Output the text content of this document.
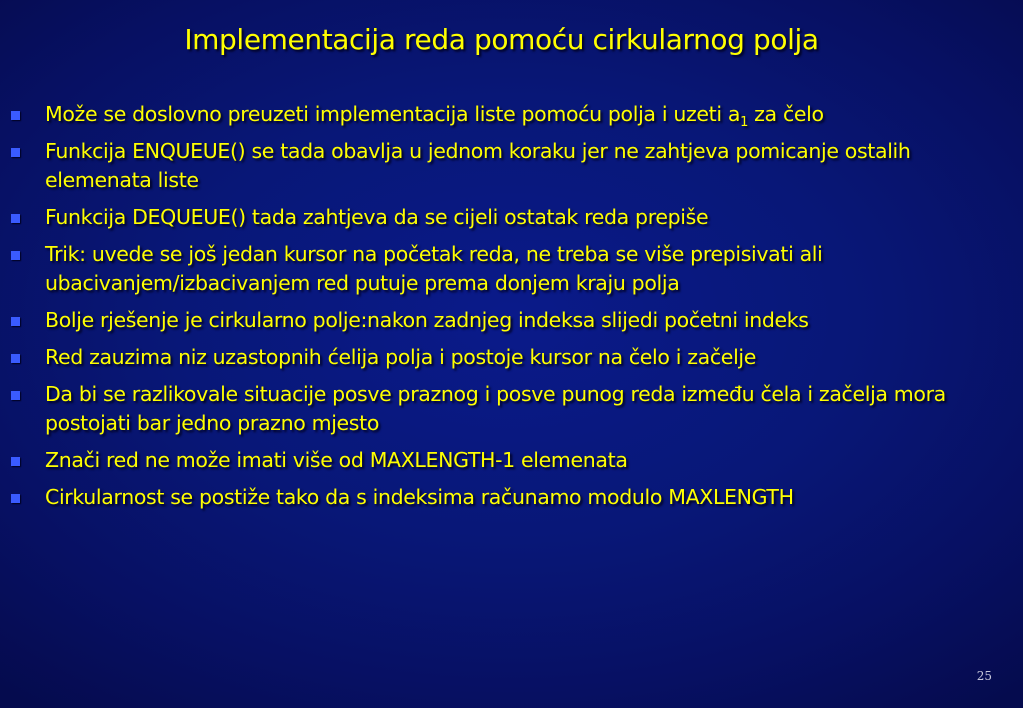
Implementacija reda pomoću cirkularnog polja
Može se doslovno preuzeti implementacija liste pomoću polja i uzeti $a_1$ za čelo
Funkcija ENQUEUE() se tada obavlja u jednom koraku jer ne zahtjeva pomicanje ostalih elemenata liste
Funkcija DEQUEUE() tada zahtjeva da se cijeli ostatak reda prepiše
Trik: uvede se još jedan kursor na početak reda, ne treba se više prepisivati ali ubacivanjem/izbacivanjem red putuje prema donjem kraju polja
Bolje rješenje je cirkularno polje:nakon zadnjeg indeksa slijedi početni indeks
Red zauzima niz uzastopnih ćelija polja i postoje kursor na čelo i začelje
Da bi se razlikovale situacije posve praznog i posve punog reda između čela i začelja mora postojati bar jedno prazno mjesto
Znači red ne može imati više od MAXLENGTH-1 elemenata
Cirkularnost se postiže tako da s indeksima računamo modulo MAXLENGTH
25
